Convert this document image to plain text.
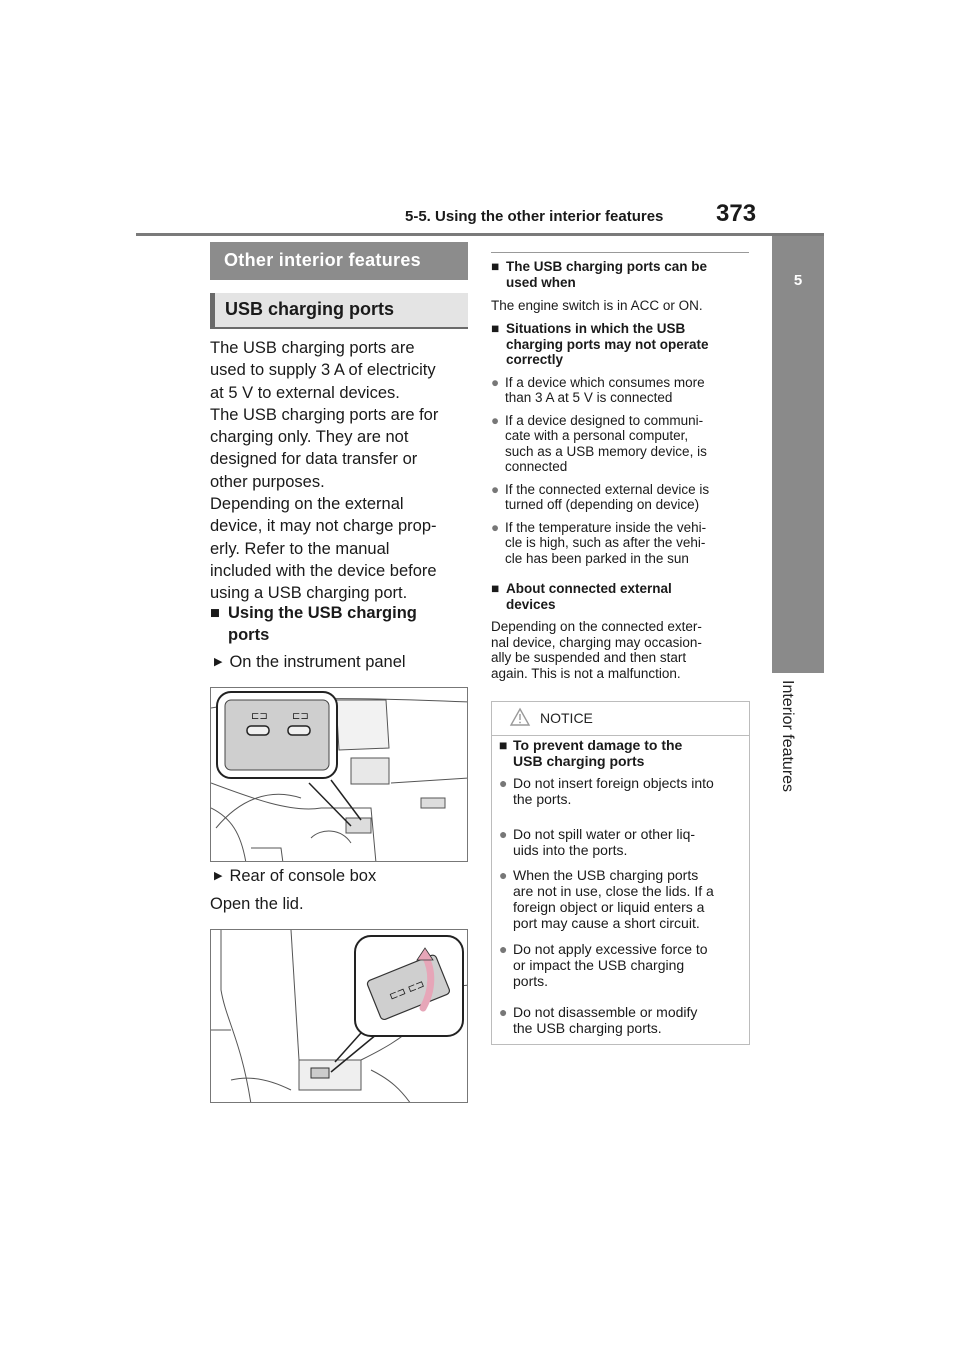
5-5. Using the other interior features 373
5
Interior features
Other interior features
USB charging ports

The USB charging ports are

used to supply 3 A of electricity

at 5 V to external devices.

The USB charging ports are for

charging only. They are not

designed for data transfer or

other purposes.

Depending on the external

device, it may not charge prop-

erly. Refer to the manual

included with the device before

using a USB charging port.

■ Using the USB charging
ports
▶ On the instrument panel
⊏⊐ ⊏⊐
▶ Rear of console box
Open the lid.
⊏⊐ ⊏⊐
■ The USB charging ports can be
used when
The engine switch is in ACC or ON.
■ Situations in which the USB
charging ports may not operate
correctly
● If a device which consumes more
than 3 A at 5 V is connected
● If a device designed to communi-
cate with a personal computer,
such as a USB memory device, is
connected
● If the connected external device is
turned off (depending on device)
● If the temperature inside the vehi-
cle is high, such as after the vehi-
cle has been parked in the sun
■ About connected external
devices
Depending on the connected exter-
nal device, charging may occasion-
ally be suspended and then start
again. This is not a malfunction.
NOTICE
■ To prevent damage to the
USB charging ports
● Do not insert foreign objects into
the ports.
● Do not spill water or other liq-
uids into the ports.
● When the USB charging ports
are not in use, close the lids. If a
foreign object or liquid enters a
port may cause a short circuit.
● Do not apply excessive force to
or impact the USB charging
ports.
● Do not disassemble or modify
the USB charging ports.
